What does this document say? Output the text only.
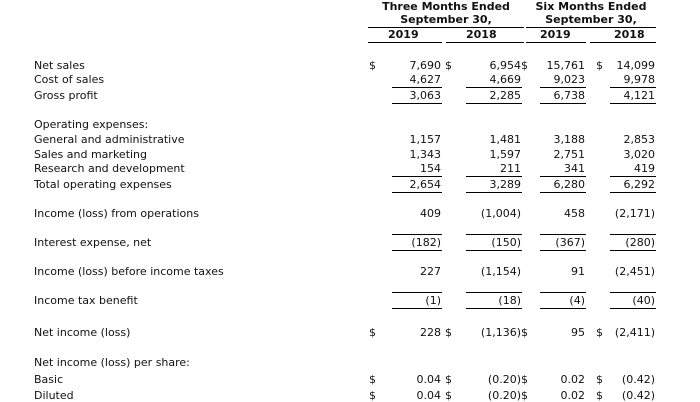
Three Months Ended
September 30,
Six Months Ended
September 30,
2019	2018	2019	2018
Net sales	$	7,690 $	6,954 $ 15,761 $ 14,099
Cost of sales	4,627	4,669	9,023	9,978
Gross profit	3,063	2,285	6,738	4,121
Operating expenses:
General and administrative	1,157	1,481	3,188	2,853
Sales and marketing	1,343	1,597	2,751	3,020
Research and development	154	211	341	419
Total operating expenses	2,654	3,289	6,280	6,292
Income (loss) from operations	409	(1,004)	458	(2,171)
Interest expense, net	(182)	(150)	(367)	(280)
Income (loss) before income taxes	227	(1,154)	91	(2,451)
Income tax benefit	(1)	(18)	(4)	(40)
Net income (loss)	$	228 $	(1,136) $	95 $ (2,411)
Net income (loss) per share:
Basic	$	0.04 $	(0.20) $	0.02 $ (0.42)
Diluted	$	0.04 $	(0.20) $	0.02 $ (0.42)
